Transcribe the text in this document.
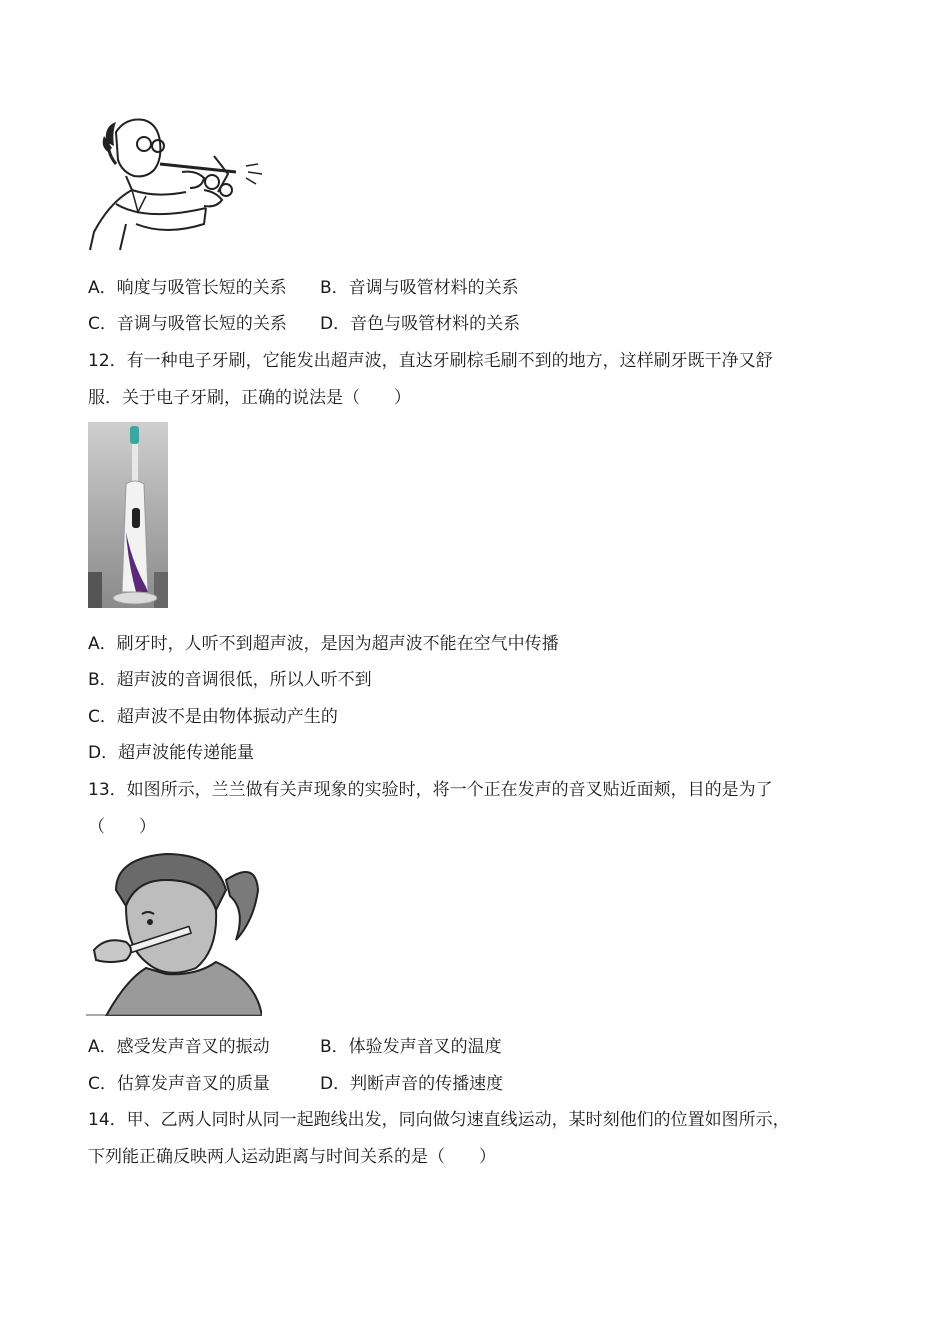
A．响度与吸管长短的关系 B．音调与吸管材料的关系
C．音调与吸管长短的关系 D．音色与吸管材料的关系
12．有一种电子牙刷，它能发出超声波，直达牙刷棕毛刷不到的地方，这样刷牙既干净又舒
服．关于电子牙刷，正确的说法是（　　）
A．刷牙时，人听不到超声波，是因为超声波不能在空气中传播
B．超声波的音调很低，所以人听不到
C．超声波不是由物体振动产生的
D．超声波能传递能量
13．如图所示，兰兰做有关声现象的实验时，将一个正在发声的音叉贴近面颊，目的是为了
（　　）
A．感受发声音叉的振动	B．体验发声音叉的温度
C．估算发声音叉的质量	D．判断声音的传播速度
14．甲、乙两人同时从同一起跑线出发，同向做匀速直线运动，某时刻他们的位置如图所示，
下列能正确反映两人运动距离与时间关系的是（　　）
